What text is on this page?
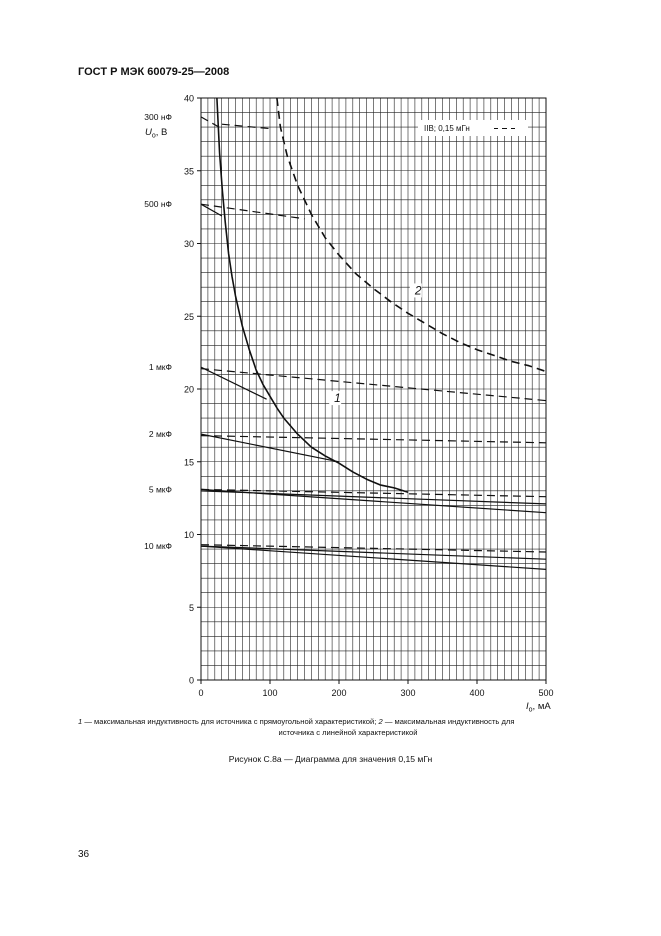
ГОСТ Р МЭК 60079-25—2008
0
5
10
15
20
25
30
35
40
0	100	200	300	400	500
$U_o$, В
$I_o$, мА
300 нФ
500 нФ
1 мкФ
2 мкФ
5 мкФ
10 мкФ
IIB; 0,15 мГн
1
2
1 — максимальная индуктивность для источника с прямоугольной характеристикой; 2 — максимальная индуктивность для
источника с линейной характеристикой
Рисунок С.8а — Диаграмма для значения 0,15 мГн
36
